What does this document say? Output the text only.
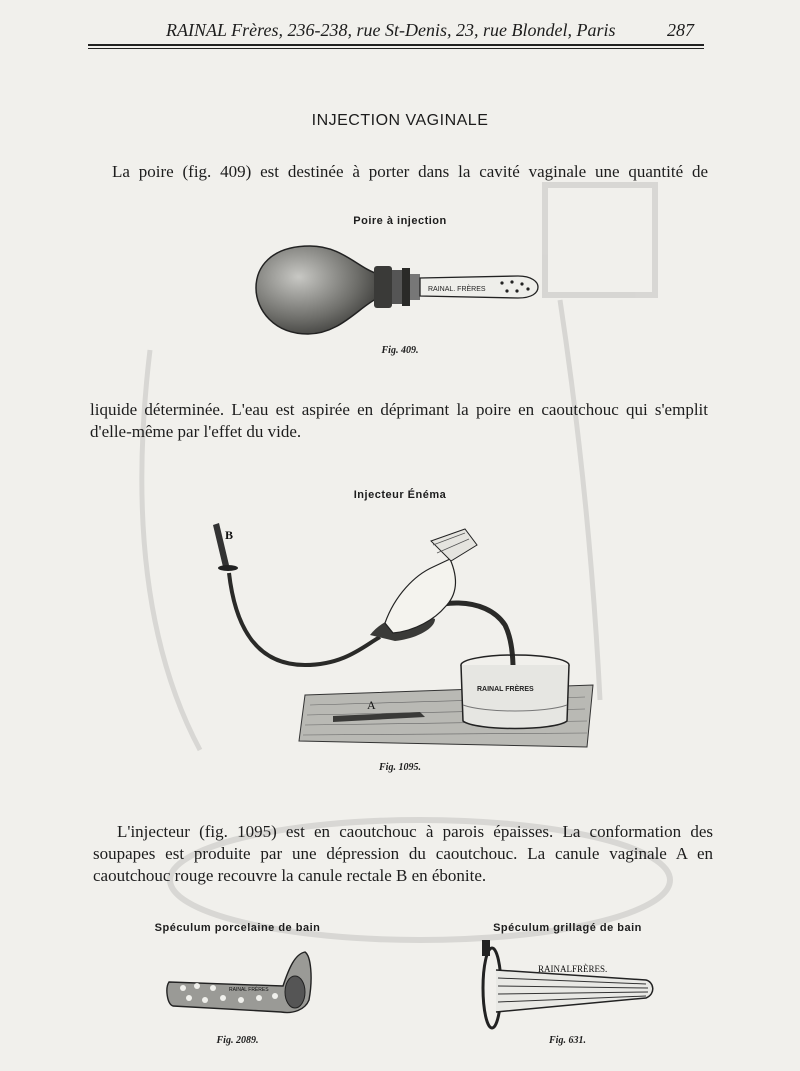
RAINAL Frères, 236-238, rue St-Denis, 23, rue Blondel, Paris	287
INJECTION VAGINALE
La poire (fig. 409) est destinée à porter dans la cavité vaginale une quantité de
Poire à injection
RAINAL. FRÈRES
Fig. 409.
liquide déterminée. L'eau est aspirée en déprimant la poire en caoutchouc qui s'emplit d'elle-même par l'effet du vide.
Injecteur Énéma
A
B
RAINAL FRÈRES
Fig. 1095.
L'injecteur (fig. 1095) est en caoutchouc à parois épaisses. La conformation des soupapes est produite par une dépression du caoutchouc. La canule vaginale A en caoutchouc rouge recouvre la canule rectale B en ébonite.
Spéculum porcelaine de bain
RAINAL FRÈRES
Fig. 2089.
Spéculum grillagé de bain
RAINALFRÈRES.
Fig. 631.
